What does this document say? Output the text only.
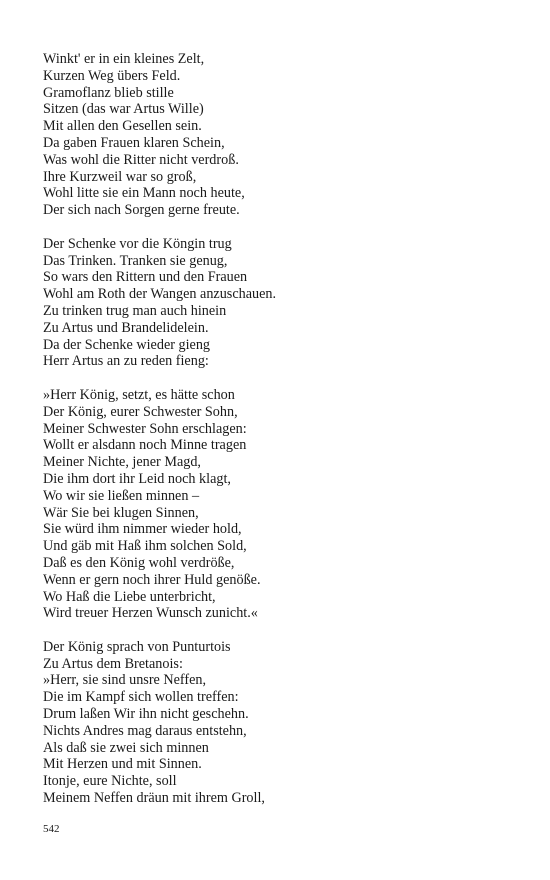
Winkt' er in ein kleines Zelt,
Kurzen Weg übers Feld.
Gramoflanz blieb stille
Sitzen (das war Artus Wille)
Mit allen den Gesellen sein.
Da gaben Frauen klaren Schein,
Was wohl die Ritter nicht verdroß.
Ihre Kurzweil war so groß,
Wohl litte sie ein Mann noch heute,
Der sich nach Sorgen gerne freute.
Der Schenke vor die Köngin trug
Das Trinken. Tranken sie genug,
So wars den Rittern und den Frauen
Wohl am Roth der Wangen anzuschauen.
Zu trinken trug man auch hinein
Zu Artus und Brandelidelein.
Da der Schenke wieder gieng
Herr Artus an zu reden fieng:
»Herr König, setzt, es hätte schon
Der König, eurer Schwester Sohn,
Meiner Schwester Sohn erschlagen:
Wollt er alsdann noch Minne tragen
Meiner Nichte, jener Magd,
Die ihm dort ihr Leid noch klagt,
Wo wir sie ließen minnen –
Wär Sie bei klugen Sinnen,
Sie würd ihm nimmer wieder hold,
Und gäb mit Haß ihm solchen Sold,
Daß es den König wohl verdröße,
Wenn er gern noch ihrer Huld genöße.
Wo Haß die Liebe unterbricht,
Wird treuer Herzen Wunsch zunicht.«
Der König sprach von Punturtois
Zu Artus dem Bretanois:
»Herr, sie sind unsre Neffen,
Die im Kampf sich wollen treffen:
Drum laßen Wir ihn nicht geschehn.
Nichts Andres mag daraus entstehn,
Als daß sie zwei sich minnen
Mit Herzen und mit Sinnen.
Itonje, eure Nichte, soll
Meinem Neffen dräun mit ihrem Groll,
542
